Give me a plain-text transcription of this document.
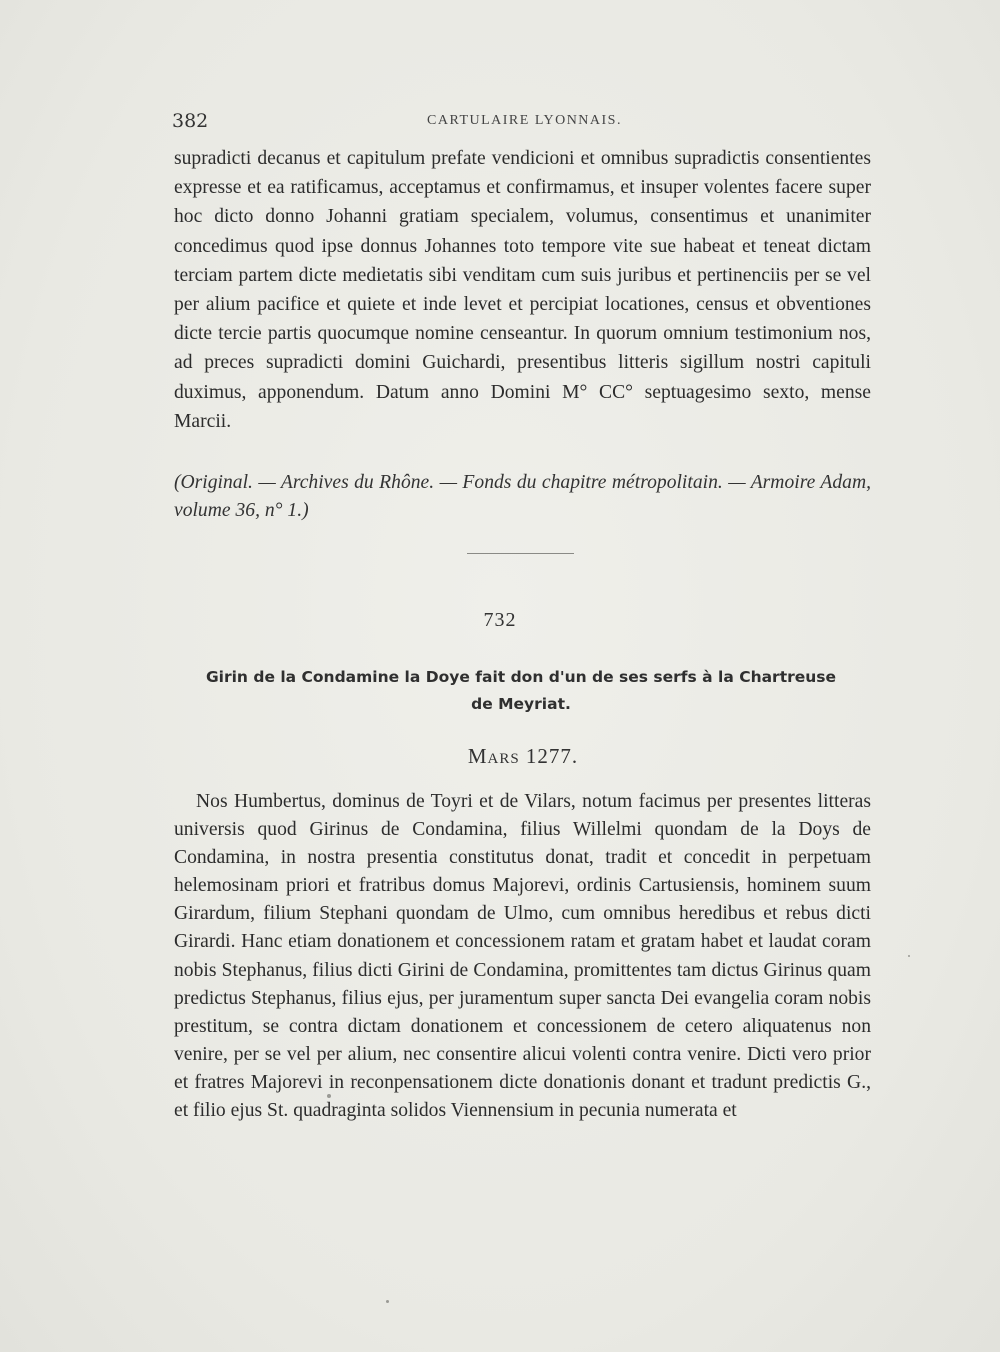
382	CARTULAIRE LYONNAIS.

supradicti decanus et capitulum prefate vendicioni et omnibus supradictis consentientes expresse et ea ratificamus, acceptamus et confirmamus, et insuper volentes facere super hoc dicto donno Johanni gratiam specialem, volumus, consentimus et unanimiter concedimus quod ipse donnus Johannes toto tempore vite sue habeat et teneat dictam terciam partem dicte medietatis sibi venditam cum suis juribus et pertinenciis per se vel per alium pacifice et quiete et inde levet et percipiat locationes, census et obventiones dicte tercie partis quocumque nomine censeantur. In quorum omnium testimonium nos, ad preces supradicti domini Guichardi, presentibus litteris sigillum nostri capituli duximus, apponendum. Datum anno Domini M° CC° septuagesimo sexto, mense Marcii.

(Original. — Archives du Rhône. — Fonds du chapitre métropolitain. — Armoire Adam, volume 36, n° 1.)
732
Girin de la Condamine la Doye fait don d'un de ses serfs à la Chartreuse de Meyriat.
Mars 1277.

Nos Humbertus, dominus de Toyri et de Vilars, notum facimus per presentes litteras universis quod Girinus de Condamina, filius Willelmi quondam de la Doys de Condamina, in nostra presentia constitutus donat, tradit et concedit in perpetuam helemosinam priori et fratribus domus Majorevi, ordinis Cartusiensis, hominem suum Girardum, filium Stephani quondam de Ulmo, cum omnibus heredibus et rebus dicti Girardi. Hanc etiam donationem et concessionem ratam et gratam habet et laudat coram nobis Stephanus, filius dicti Girini de Condamina, promittentes tam dictus Girinus quam predictus Stephanus, filius ejus, per juramentum super sancta Dei evangelia coram nobis prestitum, se contra dictam donationem et concessionem de cetero aliquatenus non venire, per se vel per alium, nec consentire alicui volenti contra venire. Dicti vero prior et fratres Majorevi in reconpensationem dicte donationis donant et tradunt predictis G., et filio ejus St. quadraginta solidos Viennensium in pecunia numerata et
